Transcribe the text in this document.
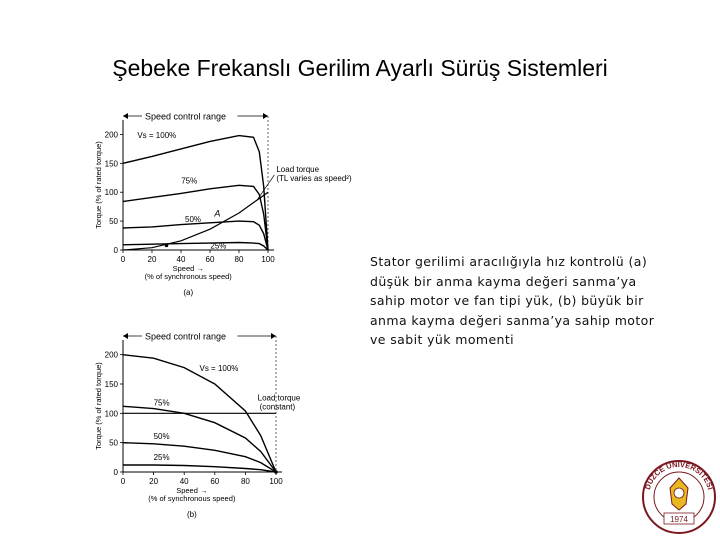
Şebeke Frekanslı Gerilim Ayarlı Sürüş Sistemleri
Speed control range
0	20	40	60	80 100
0
50
100
150
200
Torque (% of rated torque)
Speed →
(% of synchronous speed)
(a)
Vs = 100%
75%
50%
25%
Load torque
(TL varies as speed²)
A
Speed control range
0	20	40	60	80 100
0
50
100
150
200
Torque (% of rated torque)
Speed →
(% of synchronous speed)
(b)
Vs = 100%
75%
50%
25%
Load torque
(constant)
Stator gerilimi aracılığıyla hız kontrolü (a) düşük bir anma kayma değeri sanma’ya sahip motor ve fan tipi yük, (b) büyük bir anma kayma değeri sanma’ya sahip motor ve sabit yük momenti
DÜZCE ÜNİVERSİTESİ
1974
